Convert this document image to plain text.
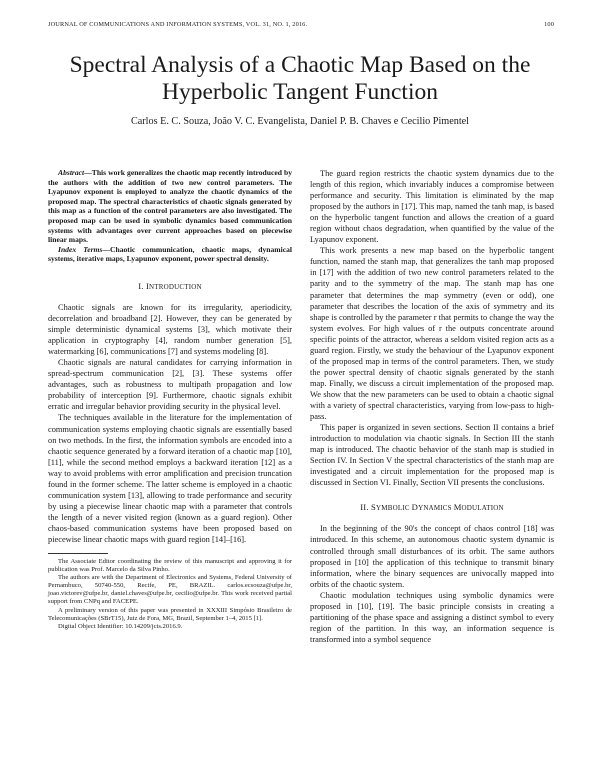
JOURNAL OF COMMUNICATIONS AND INFORMATION SYSTEMS, VOL. 31, NO. 1, 2016.	100
Spectral Analysis of a Chaotic Map Based on the Hyperbolic Tangent Function
Carlos E. C. Souza, João V. C. Evangelista, Daniel P. B. Chaves e Cecilio Pimentel

Abstract—This work generalizes the chaotic map recently introduced by the authors with the addition of two new control parameters. The Lyapunov exponent is employed to analyze the chaotic dynamics of the proposed map. The spectral characteristics of chaotic signals generated by this map as a function of the control parameters are also investigated. The proposed map can be used in symbolic dynamics based communication systems with advantages over current approaches based on piecewise linear maps.

Index Terms—Chaotic communication, chaotic maps, dynamical systems, iterative maps, Lyapunov exponent, power spectral density.

I. INTRODUCTION

Chaotic signals are known for its irregularity, aperiodicity, decorrelation and broadband [2]. However, they can be generated by simple deterministic dynamical systems [3], which motivate their application in cryptography [4], random number generation [5], watermarking [6], communications [7] and systems modeling [8].

Chaotic signals are natural candidates for carrying information in spread-spectrum communication [2], [3]. These systems offer advantages, such as robustness to multipath propagation and low probability of interception [9]. Furthermore, chaotic signals exhibit erratic and irregular behavior providing security in the physical level.

The techniques available in the literature for the implementation of communication systems employing chaotic signals are essentially based on two methods. In the first, the information symbols are encoded into a chaotic sequence generated by a forward iteration of a chaotic map [10], [11], while the second method employs a backward iteration [12] as a way to avoid problems with error amplification and precision truncation found in the former scheme. The latter scheme is employed in a chaotic communication system [13], allowing to trade performance and security by using a piecewise linear chaotic map with a parameter that controls the length of a never visited region (known as a guard region). Other chaos-based communication systems have been proposed based on piecewise linear chaotic maps with guard region [14]–[16].

The Associate Editor coordinating the review of this manuscript and approving it for publication was Prof. Marcelo da Silva Pinho.

The authors are with the Department of Electronics and Systems, Federal University of Pernambuco, 50740-550, Recife, PE, BRAZIL. carlos.ecsouza@ufpe.br, joao.victorev@ufpe.br, daniel.chaves@ufpe.br, cecilio@ufpe.br. This work received partial support from CNPq and FACEPE.

A preliminary version of this paper was presented in XXXIII Simpósio Brasileiro de Telecomunicações (SBrT15), Juiz de Fora, MG, Brazil, September 1–4, 2015 [1].

Digital Object Identifier: 10.14209/jcis.2016.9.

The guard region restricts the chaotic system dynamics due to the length of this region, which invariably induces a compromise between performance and security. This limitation is eliminated by the map proposed by the authors in [17]. This map, named the tanh map, is based on the hyperbolic tangent function and allows the creation of a guard region without chaos degradation, when quantified by the value of the Lyapunov exponent.

This work presents a new map based on the hyperbolic tangent function, named the stanh map, that generalizes the tanh map proposed in [17] with the addition of two new control parameters related to the parity and to the symmetry of the map. The stanh map has one parameter that determines the map symmetry (even or odd), one parameter that describes the location of the axis of symmetry and its shape is controlled by the parameter r that permits to change the way the system evolves. For high values of r the outputs concentrate around specific points of the attractor, whereas a seldom visited region acts as a guard region. Firstly, we study the behaviour of the Lyapunov exponent of the proposed map in terms of the control parameters. Then, we study the power spectral density of chaotic signals generated by the stanh map. Finally, we discuss a circuit implementation of the proposed map. We show that the new parameters can be used to obtain a chaotic signal with a variety of spectral characteristics, varying from low-pass to high-pass.

This paper is organized in seven sections. Section II contains a brief introduction to modulation via chaotic signals. In Section III the stanh map is introduced. The chaotic behavior of the stanh map is studied in Section IV. In Section V the spectral characteristics of the stanh map are investigated and a circuit implementation for the proposed map is discussed in Section VI. Finally, Section VII presents the conclusions.

II. SYMBOLIC DYNAMICS MODULATION

In the beginning of the 90's the concept of chaos control [18] was introduced. In this scheme, an autonomous chaotic system dynamic is controlled through small disturbances of its orbit. The same authors proposed in [10] the application of this technique to transmit binary information, where the binary sequences are univocally mapped into orbits of the chaotic system.

Chaotic modulation techniques using symbolic dynamics were proposed in [10], [19]. The basic principle consists in creating a partitioning of the phase space and assigning a distinct symbol to every region of the partition. In this way, an information sequence is transformed into a symbol sequence
